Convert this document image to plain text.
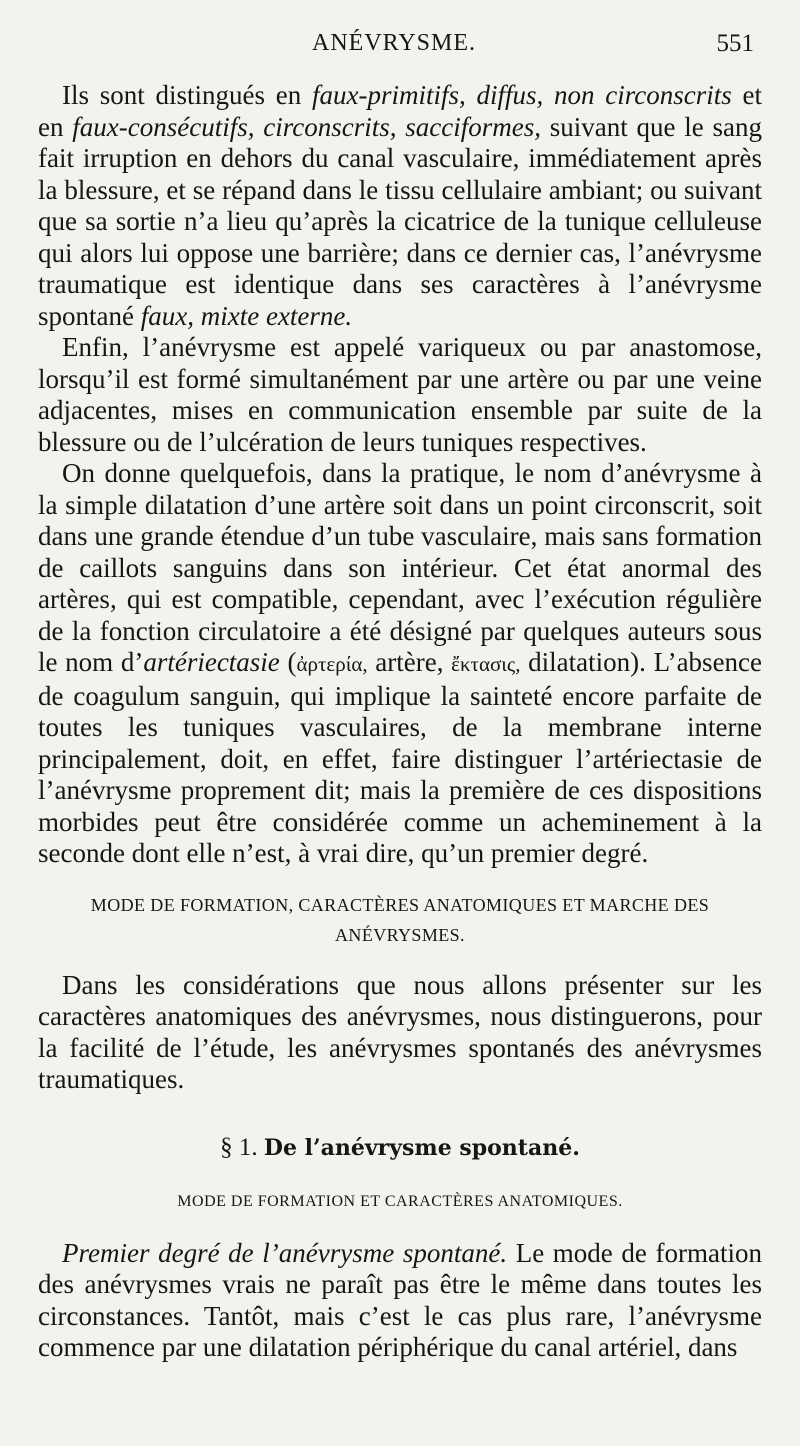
ANÉVRYSME.	551

Ils sont distingués en faux-primitifs, diffus, non circonscrits et en faux-consécutifs, circonscrits, sacciformes, suivant que le sang fait irruption en dehors du canal vasculaire, immédiatement après la blessure, et se répand dans le tissu cellulaire ambiant; ou suivant que sa sortie n’a lieu qu’après la cicatrice de la tunique celluleuse qui alors lui oppose une barrière; dans ce dernier cas, l’anévrysme traumatique est identique dans ses caractères à l’anévrysme spontané faux, mixte externe.

Enfin, l’anévrysme est appelé variqueux ou par anastomose, lorsqu’il est formé simultanément par une artère ou par une veine adjacentes, mises en communication ensemble par suite de la blessure ou de l’ulcération de leurs tuniques respectives.

On donne quelquefois, dans la pratique, le nom d’anévrysme à la simple dilatation d’une artère soit dans un point circonscrit, soit dans une grande étendue d’un tube vasculaire, mais sans formation de caillots sanguins dans son intérieur. Cet état anormal des artères, qui est compatible, cependant, avec l’exécution régulière de la fonction circulatoire a été désigné par quelques auteurs sous le nom d’artériectasie (ἀρτερία, artère, ἔκτασις, dilatation). L’absence de coagulum sanguin, qui implique la sainteté encore parfaite de toutes les tuniques vasculaires, de la membrane interne principalement, doit, en effet, faire distinguer l’artériectasie de l’anévrysme proprement dit; mais la première de ces dispositions morbides peut être considérée comme un acheminement à la seconde dont elle n’est, à vrai dire, qu’un premier degré.

MODE DE FORMATION, CARACTÈRES ANATOMIQUES ET MARCHE DES
ANÉVRYSMES.

Dans les considérations que nous allons présenter sur les caractères anatomiques des anévrysmes, nous distinguerons, pour la facilité de l’étude, les anévrysmes spontanés des anévrysmes traumatiques.

§ 1. De l’anévrysme spontané.
MODE DE FORMATION ET CARACTÈRES ANATOMIQUES.

Premier degré de l’anévrysme spontané. Le mode de formation des anévrysmes vrais ne paraît pas être le même dans toutes les circonstances. Tantôt, mais c’est le cas plus rare, l’anévrysme commence par une dilatation périphérique du canal artériel, dans
